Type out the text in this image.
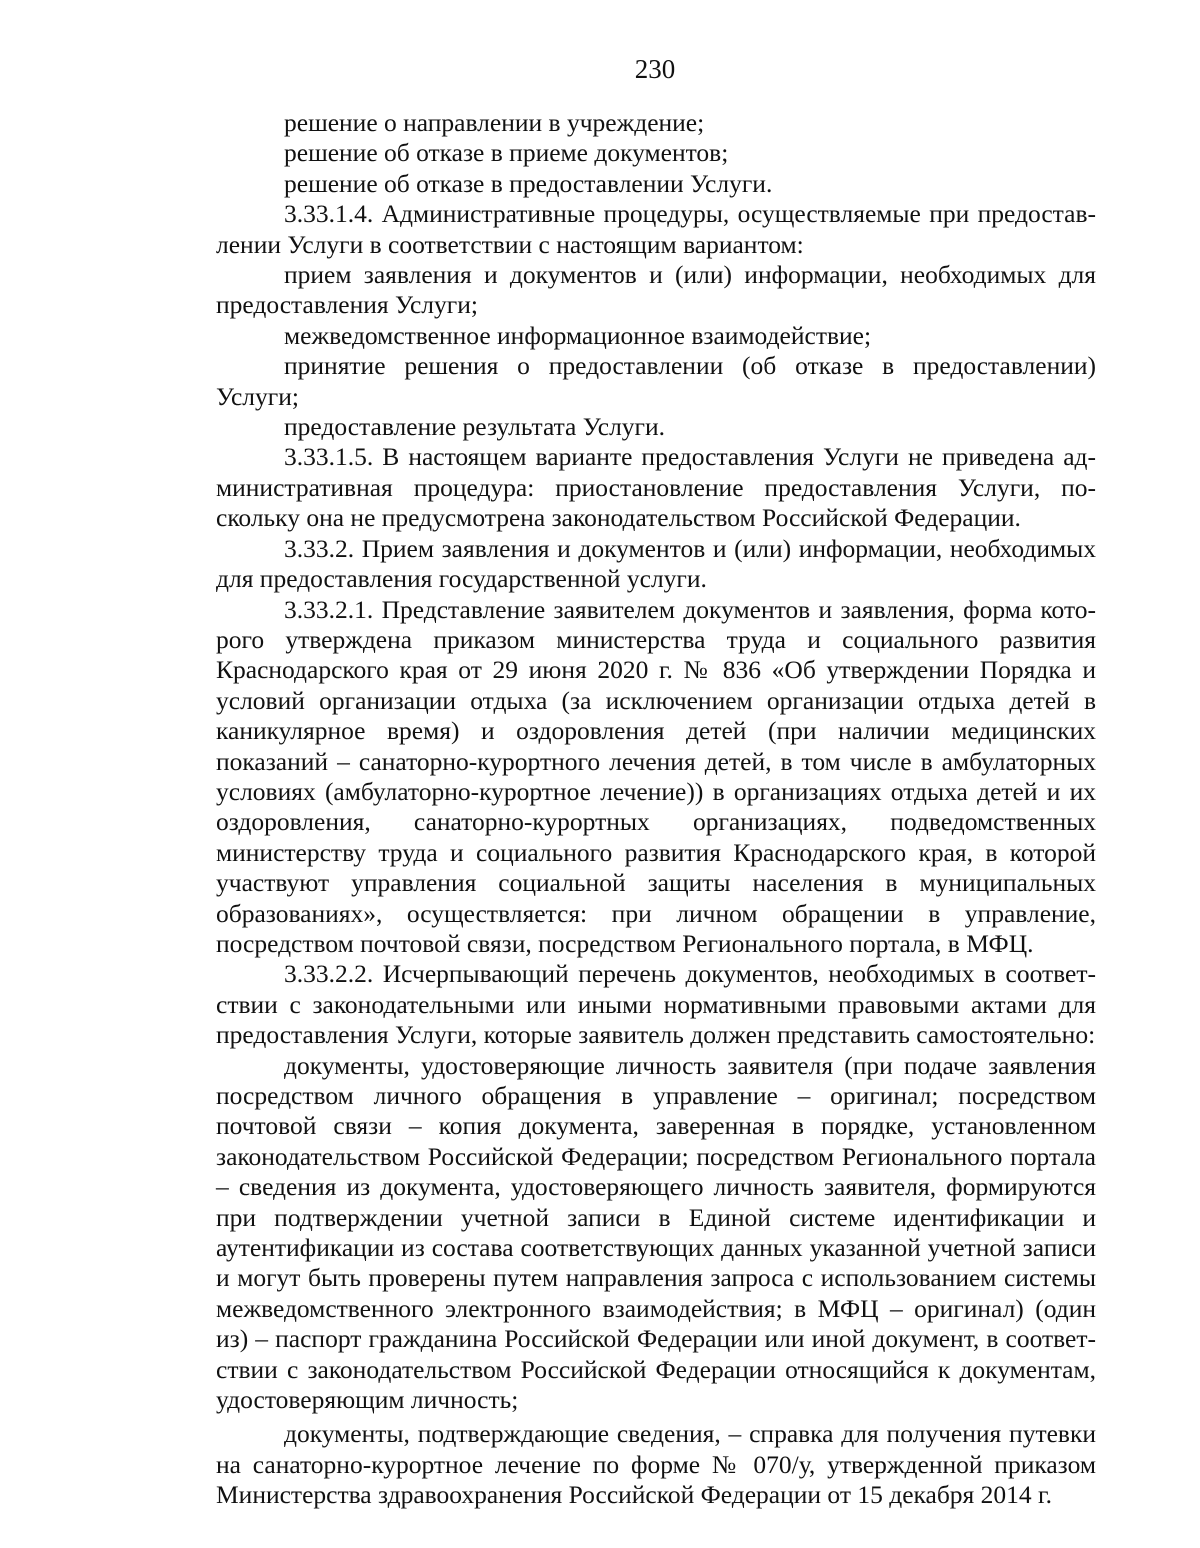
230

решение о направлении в учреждение;

решение об отказе в приеме документов;

решение об отказе в предоставлении Услуги.

3.33.1.4. Административные процедуры, осуществляемые при предоставлении Услуги в соответствии с настоящим вариантом:

прием заявления и документов и (или) информации, необходимых для предоставления Услуги;

межведомственное информационное взаимодействие;

принятие решения о предоставлении (об отказе в предоставлении) Услуги;

предоставление результата Услуги.

3.33.1.5. В настоящем варианте предоставления Услуги не приведена административная процедура: приостановление предоставления Услуги, поскольку она не предусмотрена законодательством Российской Федерации.

3.33.2. Прием заявления и документов и (или) информации, необходимых для предоставления государственной услуги.

3.33.2.1. Представление заявителем документов и заявления, форма которого утверждена приказом министерства труда и социального развития Краснодарского края от 29 июня 2020 г. № 836 «Об утверждении Порядка и условий организации отдыха (за исключением организации отдыха детей в каникулярное время) и оздоровления детей (при наличии медицинских показаний – санаторно-курортного лечения детей, в том числе в амбулаторных условиях (амбулаторно-курортное лечение)) в организациях отдыха детей и их оздоровления, санаторно-курортных организациях, подведомственных министерству труда и социального развития Краснодарского края, в которой участвуют управления социальной защиты населения в муниципальных образованиях», осуществляется: при личном обращении в управление, посредством почтовой связи, посредством Регионального портала, в МФЦ.

3.33.2.2. Исчерпывающий перечень документов, необходимых в соответствии с законодательными или иными нормативными правовыми актами для предоставления Услуги, которые заявитель должен представить самостоятельно:

документы, удостоверяющие личность заявителя (при подаче заявления посредством личного обращения в управление – оригинал; посредством почтовой связи – копия документа, заверенная в порядке, установленном законодательством Российской Федерации; посредством Регионального портала – сведения из документа, удостоверяющего личность заявителя, формируются при подтверждении учетной записи в Единой системе идентификации и аутентификации из состава соответствующих данных указанной учетной записи и могут быть проверены путем направления запроса с использованием системы межведомственного электронного взаимодействия; в МФЦ – оригинал) (один из) – паспорт гражданина Российской Федерации или иной документ, в соответствии с законодательством Российской Федерации относящийся к документам, удостоверяющим личность;

документы, подтверждающие сведения, – справка для получения путевки на санаторно-курортное лечение по форме № 070/у, утвержденной приказом Министерства здравоохранения Российской Федерации от 15 декабря 2014 г.
